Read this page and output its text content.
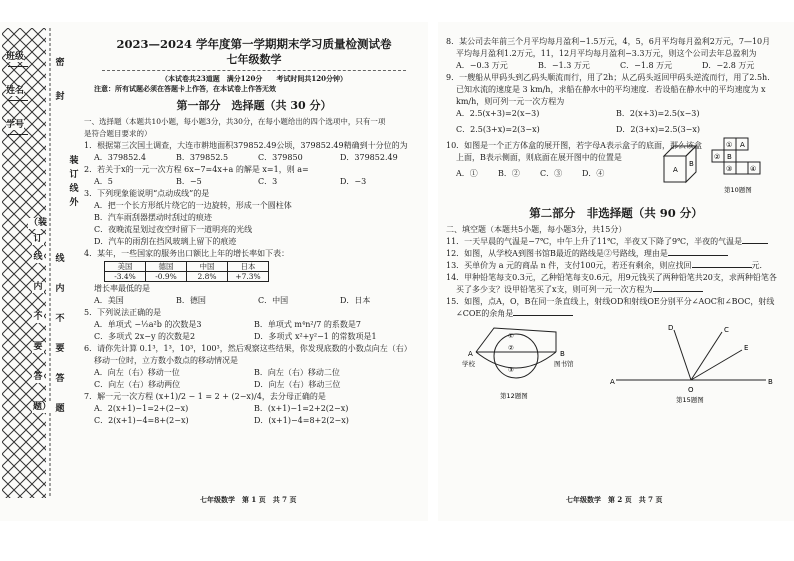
班级
姓名
学号
密
封
装
订
线
外
（装
订
线
内
不
要
答
题）
线
内
不
要
答
题
2023—2024 学年度第一学期期末学习质量检测试卷
七年级数学
（本试卷共23道题　满分120分　　考试时间共120分钟）
注意：所有试题必须在答题卡上作答，在本试卷上作答无效
第一部分　选择题（共 30 分）
一、选择题（本题共10小题，每小题3分，共30分，在每小题给出的四个选项中，只有一项
是符合题目要求的）
1．根据第三次国土调查，大连市耕地面积379852.49公顷，379852.49精确到十分位的为
A．379852.4	B．379852.5	C．379850	D．379852.49
2．若关于x的一元一次方程 6x−7=4x+a 的解是 x=1，则 a=
A．5	B．−5	C．3	D．−3
3．下列现象能说明“点动成线”的是
A．把一个长方形纸片绕它的一边旋转，形成一个圆柱体
B．汽车雨刮器摆动时刮过的痕迹
C．夜晚流星划过夜空时留下一道明亮的光线
D．汽车的雨刮在挡风玻璃上留下的痕迹
4．某年，一些国家的服务出口额比上年的增长率如下表：
美国	德国	中国	日本
-3.4%	-0.9%	2.8%	+7.3%
增长率最低的是
A．美国	B．德国	C．中国	D．日本
5．下列说法正确的是
A．单项式 −½a²b 的次数是3	B．单项式 m⁴n²/7 的系数是7
C．多项式 2x−y 的次数是2	D．多项式 x²+y²−1 的常数项是1
6．请你先计算 0.1³，1³，10³，100³，然后观察这些结果，你发现底数的小数点向左（右）
移动一位时，立方数小数点的移动情况是
A．向左（右）移动一位	B．向左（右）移动二位
C．向左（右）移动两位	D．向左（右）移动三位
7．解一元一次方程 (x+1)/2 − 1 = 2 + (2−x)/4，去分母正确的是
A．2(x+1)−1=2+(2−x)	B．(x+1)−1=2+2(2−x)
C．2(x+1)−4=8+(2−x)	D．(x+1)−4=8+2(2−x)
七年级数学　第 1 页　共 7 页
8．某公司去年前三个月平均每月盈利−1.5万元，4，5，6月平均每月盈利2万元，7—10月
平均每月盈利1.2万元，11，12月平均每月盈利−3.3万元，则这个公司去年总盈利为
A．−0.3 万元	B．−1.3 万元	C．−1.8 万元	D．−2.8 万元
9．一艘船从甲码头到乙码头顺流而行，用了2h；从乙码头返回甲码头逆流而行，用了2.5h．
已知水流的速度是 3 km/h，求船在静水中的平均速度．若设船在静水中的平均速度为 x
km/h，则可列一元一次方程为
A．2.5(x+3)=2(x−3)	B．2(x+3)=2.5(x−3)
C．2.5(3+x)=2(3−x)	D．2(3+x)=2.5(3−x)
10．如图是一个正方体盒的展开图，若字母A表示盒子的底面，那么该盒
上面，B表示侧面，则底面在展开图中的位置是
A．①	B．②	C．③	D．④	A
B
A
B
①
②
③	④
第10题图
第二部分　非选择题（共 90 分）
二、填空题（本题共5小题，每小题3分，共15分）
11．一天早晨的气温是−7℃，中午上升了11℃，半夜又下降了9℃，半夜的气温是
12．如图，从学校A到图书馆B最近的路线是②号路线，理由是
13．买单价为 a 元的商品 n 件，支付100元，若还有剩余，则应找回	元．
14．甲种铅笔每支0.3元，乙种铅笔每支0.6元，用9元钱买了两种铅笔共20支，求两种铅笔各
买了多少支？设甲铅笔买了x支，则可列一元一次方程为
15．如图，点A，O，B在同一条直线上，射线OD和射线OE分别平分∠AOC和∠BOC，射线
∠COE的余角是
A	B
学校	图书馆
①
②
③
第12题图
A
O
B
C
D
E
第15题图
七年级数学　第 2 页　共 7 页
